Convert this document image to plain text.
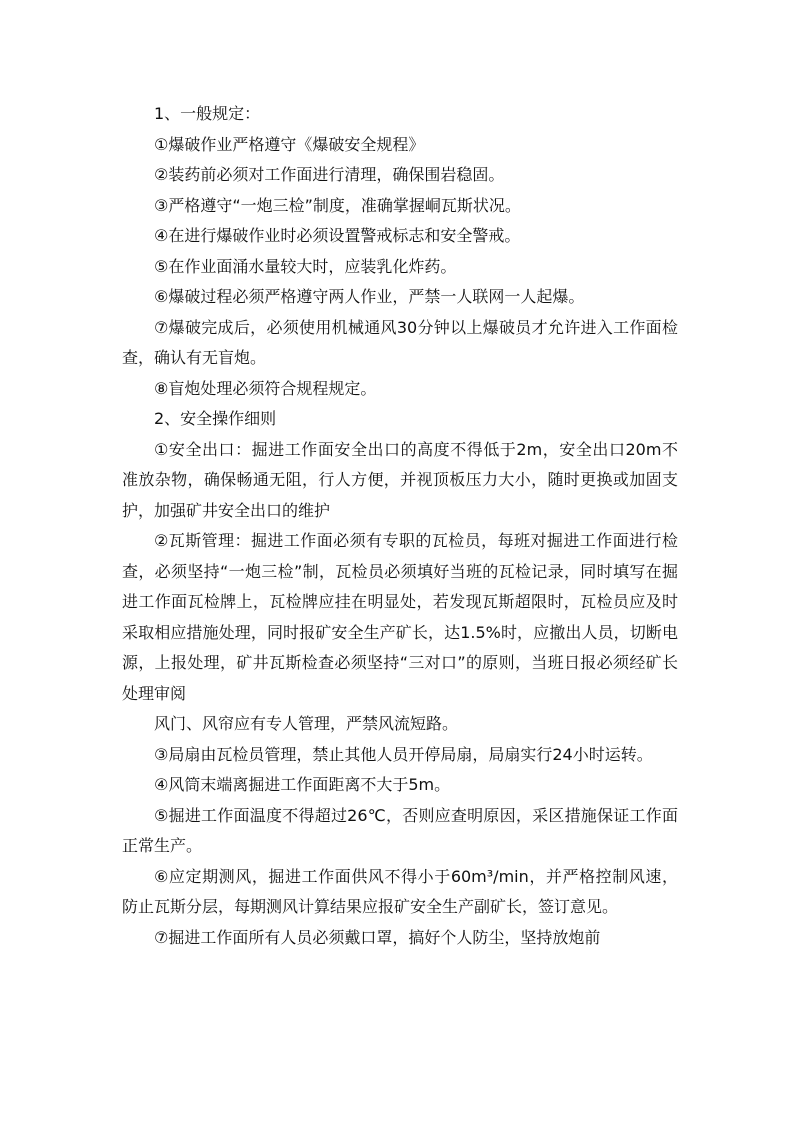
1、一般规定：

①爆破作业严格遵守《爆破安全规程》

②装药前必须对工作面进行清理，确保围岩稳固。

③严格遵守“一炮三检”制度，准确掌握峒瓦斯状况。

④在进行爆破作业时必须设置警戒标志和安全警戒。

⑤在作业面涌水量较大时，应装乳化炸药。

⑥爆破过程必须严格遵守两人作业，严禁一人联网一人起爆。

⑦爆破完成后，必须使用机械通风30分钟以上爆破员才允许进入工作面检查，确认有无盲炮。

⑧盲炮处理必须符合规程规定。

2、安全操作细则

①安全出口：掘进工作面安全出口的高度不得低于2m，安全出口20m不准放杂物，确保畅通无阻，行人方便，并视顶板压力大小，随时更换或加固支护，加强矿井安全出口的维护

②瓦斯管理：掘进工作面必须有专职的瓦检员，每班对掘进工作面进行检查，必须坚持“一炮三检”制，瓦检员必须填好当班的瓦检记录，同时填写在掘进工作面瓦检牌上，瓦检牌应挂在明显处，若发现瓦斯超限时，瓦检员应及时采取相应措施处理，同时报矿安全生产矿长，达1.5%时，应撤出人员，切断电源，上报处理，矿井瓦斯检查必须坚持“三对口”的原则，当班日报必须经矿长处理审阅

风门、风帘应有专人管理，严禁风流短路。

③局扇由瓦检员管理，禁止其他人员开停局扇，局扇实行24小时运转。

④风筒末端离掘进工作面距离不大于5m。

⑤掘进工作面温度不得超过26℃，否则应查明原因，采区措施保证工作面正常生产。

⑥应定期测风，掘进工作面供风不得小于60m³/min，并严格控制风速，防止瓦斯分层，每期测风计算结果应报矿安全生产副矿长，签订意见。

⑦掘进工作面所有人员必须戴口罩，搞好个人防尘，坚持放炮前
